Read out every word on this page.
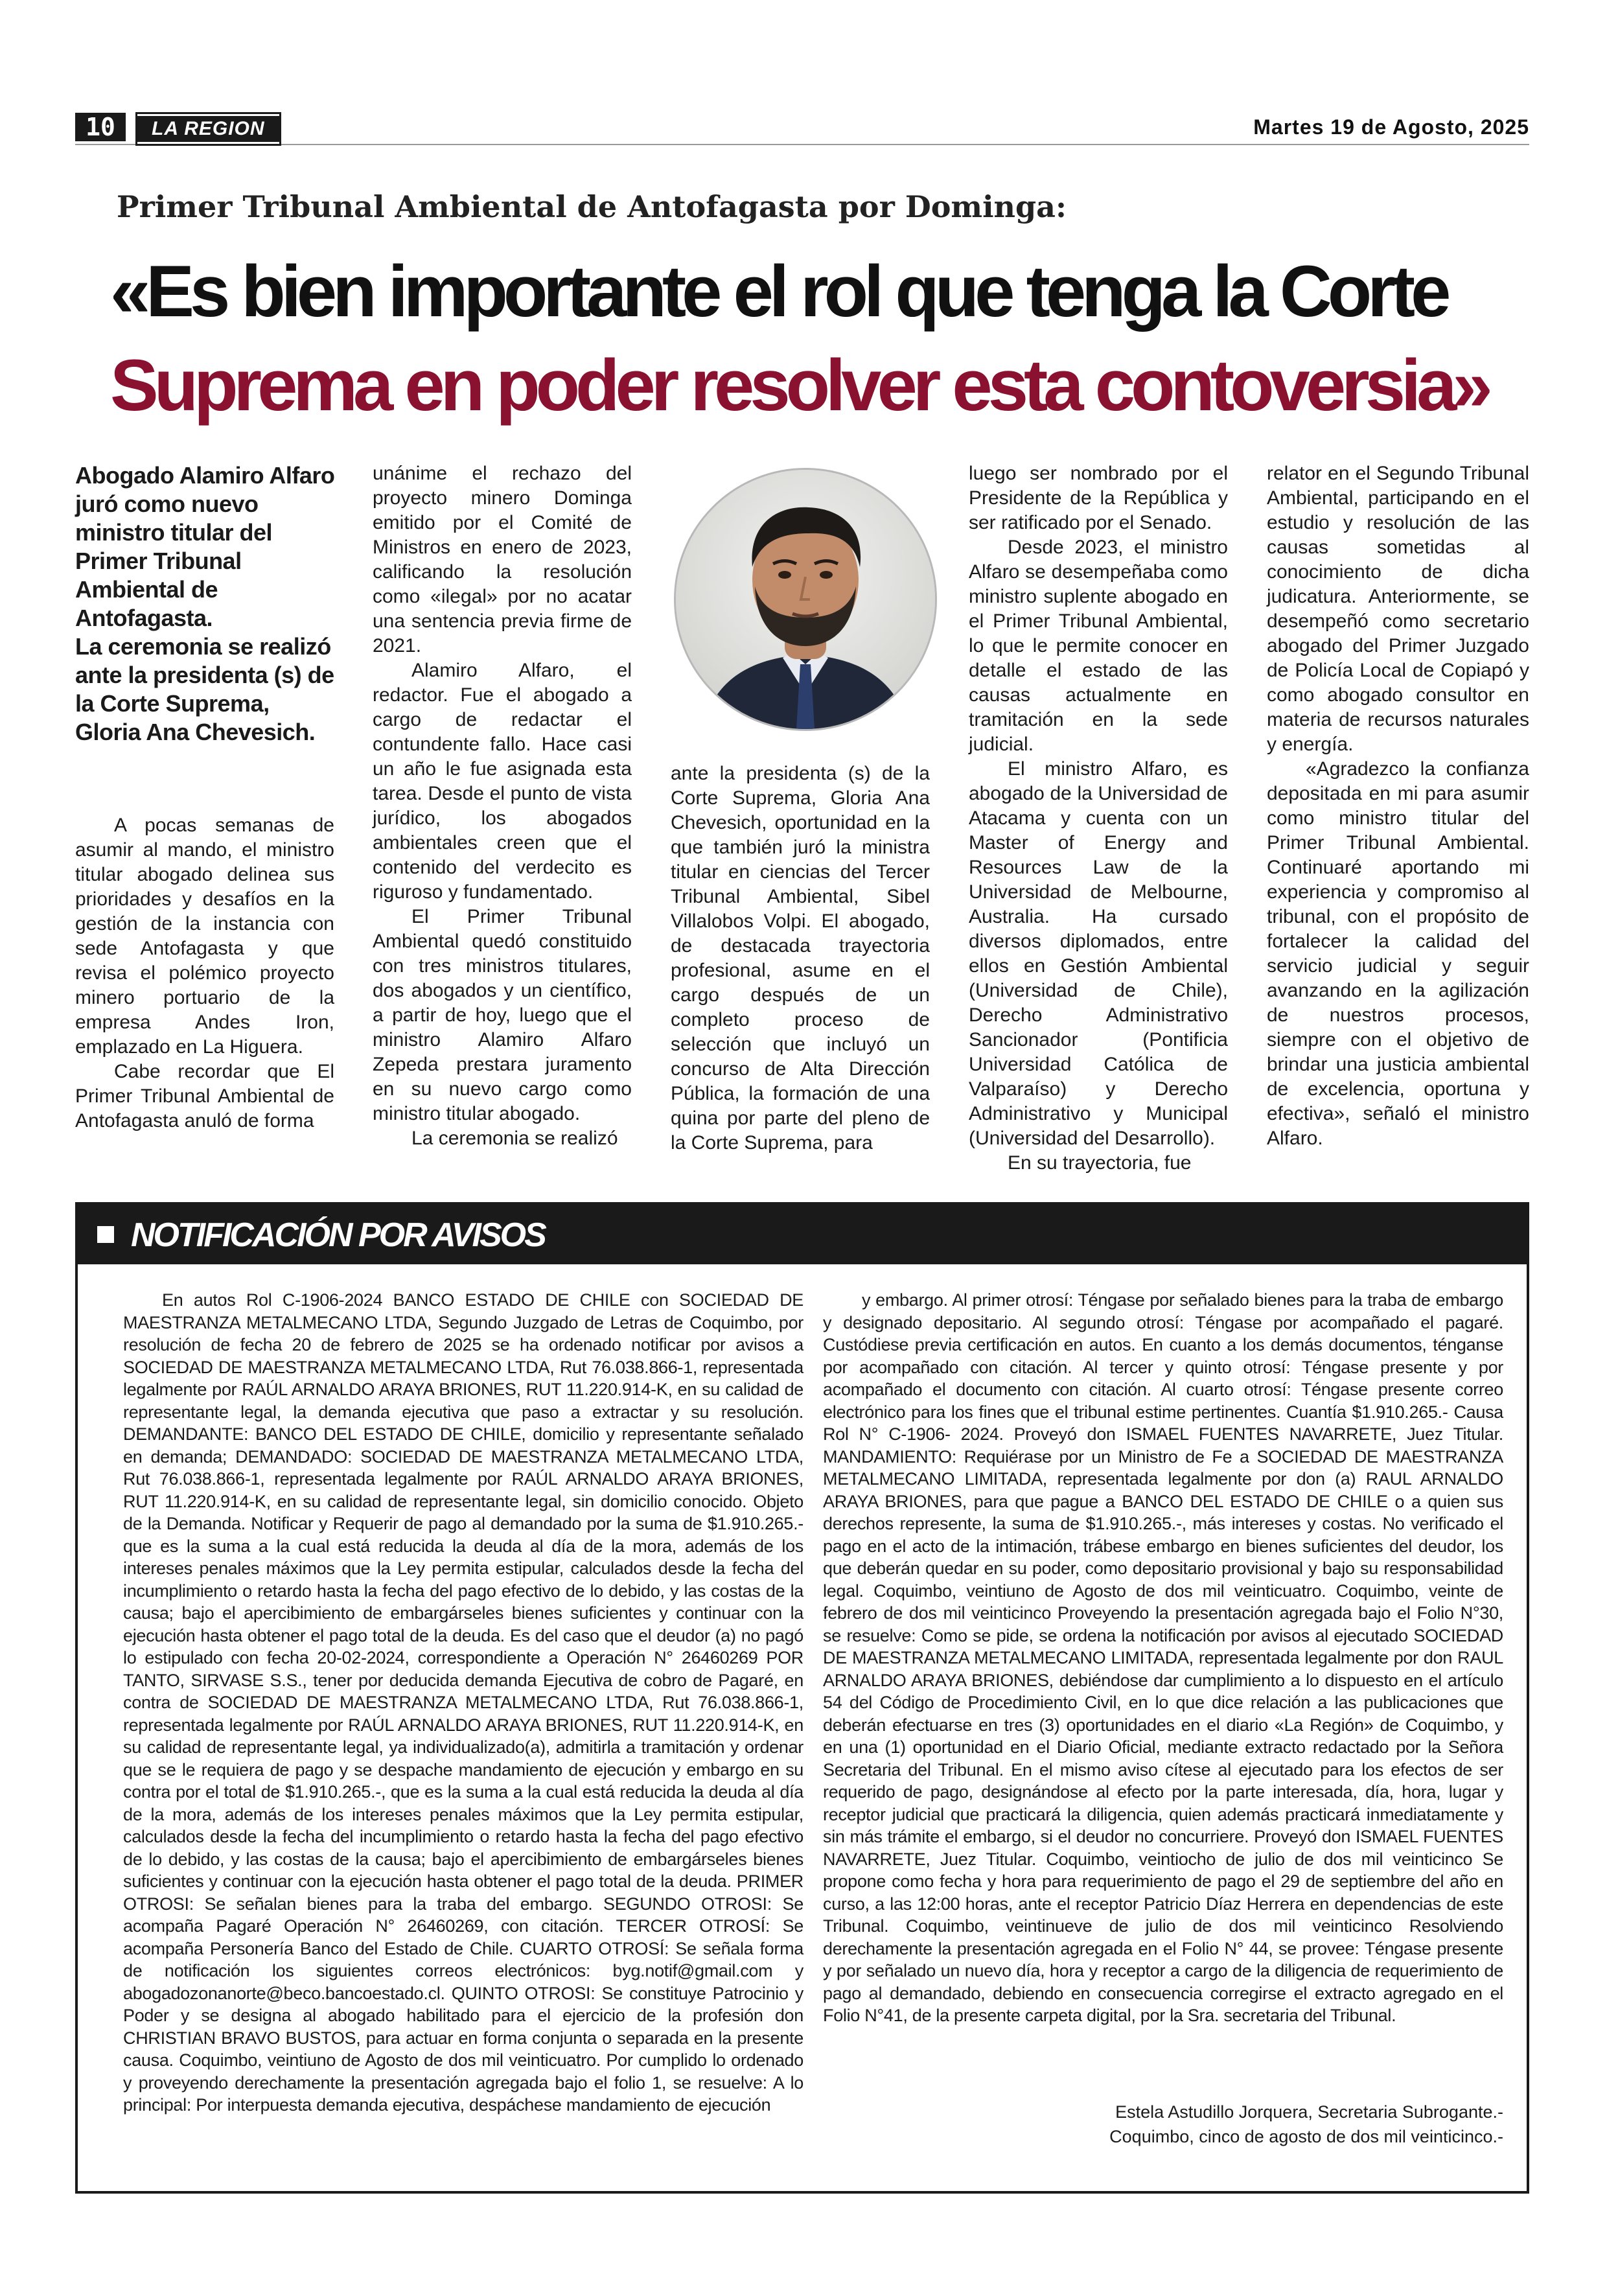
10	LA REGION	Martes 19 de Agosto, 2025
Primer Tribunal Ambiental de Antofagasta por Dominga:
«Es bien importante el rol que tenga la Corte
Suprema en poder resolver esta contoversia»

Abogado Alamiro Alfaro juró como nuevo ministro titular del Primer Tribunal Ambiental de Antofagasta.

La ceremonia se realizó ante la presidenta (s) de la Corte Suprema, Gloria Ana Chevesich.

A pocas semanas de asumir al mando, el ministro titular abogado delinea sus prioridades y desafíos en la gestión de la instancia con sede Antofagasta y que revisa el polémico proyecto minero portuario de la empresa Andes Iron, emplazado en La Higuera.

Cabe recordar que El Primer Tribunal Ambiental de Antofagasta anuló de forma

unánime el rechazo del proyecto minero Dominga emitido por el Comité de Ministros en enero de 2023, calificando la resolución como «ilegal» por no acatar una sentencia previa firme de 2021.

Alamiro Alfaro, el redactor. Fue el abogado a cargo de redactar el contundente fallo. Hace casi un año le fue asignada esta tarea. Desde el punto de vista jurídico, los abogados ambientales creen que el contenido del verdecito es riguroso y fundamentado.

El Primer Tribunal Ambiental quedó constituido con tres ministros titulares, dos abogados y un científico, a partir de hoy, luego que el ministro Alamiro Alfaro Zepeda prestara juramento en su nuevo cargo como ministro titular abogado.

La ceremonia se realizó

ante la presidenta (s) de la Corte Suprema, Gloria Ana Chevesich, oportunidad en la que también juró la ministra titular en ciencias del Tercer Tribunal Ambiental, Sibel Villalobos Volpi. El abogado, de destacada trayectoria profesional, asume en el cargo después de un completo proceso de selección que incluyó un concurso de Alta Dirección Pública, la formación de una quina por parte del pleno de la Corte Suprema, para

luego ser nombrado por el Presidente de la República y ser ratificado por el Senado.

Desde 2023, el ministro Alfaro se desempeñaba como ministro suplente abogado en el Primer Tribunal Ambiental, lo que le permite conocer en detalle el estado de las causas actualmente en tramitación en la sede judicial.

El ministro Alfaro, es abogado de la Universidad de Atacama y cuenta con un Master of Energy and Resources Law de la Universidad de Melbourne, Australia. Ha cursado diversos diplomados, entre ellos en Gestión Ambiental (Universidad de Chile), Derecho Administrativo Sancionador (Pontificia Universidad Católica de Valparaíso) y Derecho Administrativo y Municipal (Universidad del Desarrollo).

En su trayectoria, fue

relator en el Segundo Tribunal Ambiental, participando en el estudio y resolución de las causas sometidas al conocimiento de dicha judicatura. Anteriormente, se desempeñó como secretario abogado del Primer Juzgado de Policía Local de Copiapó y como abogado consultor en materia de recursos naturales y energía.

«Agradezco la confianza depositada en mi para asumir como ministro titular del Primer Tribunal Ambiental. Continuaré aportando mi experiencia y compromiso al tribunal, con el propósito de fortalecer la calidad del servicio judicial y seguir avanzando en la agilización de nuestros procesos, siempre con el objetivo de brindar una justicia ambiental de excelencia, oportuna y efectiva», señaló el ministro Alfaro.

NOTIFICACIÓN POR AVISOS

En autos Rol C-1906-2024 BANCO ESTADO DE CHILE con SOCIEDAD DE MAESTRANZA METALMECANO LTDA, Segundo Juzgado de Letras de Coquimbo, por resolución de fecha 20 de febrero de 2025 se ha ordenado notificar por avisos a SOCIEDAD DE MAESTRANZA METALMECANO LTDA, Rut 76.038.866-1, representada legalmente por RAÚL ARNALDO ARAYA BRIONES, RUT 11.220.914-K, en su calidad de representante legal, la demanda ejecutiva que paso a extractar y su resolución. DEMANDANTE: BANCO DEL ESTADO DE CHILE, domicilio y representante señalado en demanda; DEMANDADO: SOCIEDAD DE MAESTRANZA METALMECANO LTDA, Rut 76.038.866-1, representada legalmente por RAÚL ARNALDO ARAYA BRIONES, RUT 11.220.914-K, en su calidad de representante legal, sin domicilio conocido. Objeto de la Demanda. Notificar y Requerir de pago al demandado por la suma de $1.910.265.- que es la suma a la cual está reducida la deuda al día de la mora, además de los intereses penales máximos que la Ley permita estipular, calculados desde la fecha del incumplimiento o retardo hasta la fecha del pago efectivo de lo debido, y las costas de la causa; bajo el apercibimiento de embargárseles bienes suficientes y continuar con la ejecución hasta obtener el pago total de la deuda. Es del caso que el deudor (a) no pagó lo estipulado con fecha 20-02-2024, correspondiente a Operación N° 26460269 POR TANTO, SIRVASE S.S., tener por deducida demanda Ejecutiva de cobro de Pagaré, en contra de SOCIEDAD DE MAESTRANZA METALMECANO LTDA, Rut 76.038.866-1, representada legalmente por RAÚL ARNALDO ARAYA BRIONES, RUT 11.220.914-K, en su calidad de representante legal, ya individualizado(a), admitirla a tramitación y ordenar que se le requiera de pago y se despache mandamiento de ejecución y embargo en su contra por el total de $1.910.265.-, que es la suma a la cual está reducida la deuda al día de la mora, además de los intereses penales máximos que la Ley permita estipular, calculados desde la fecha del incumplimiento o retardo hasta la fecha del pago efectivo de lo debido, y las costas de la causa; bajo el apercibimiento de embargárseles bienes suficientes y continuar con la ejecución hasta obtener el pago total de la deuda. PRIMER OTROSI: Se señalan bienes para la traba del embargo. SEGUNDO OTROSI: Se acompaña Pagaré Operación N° 26460269, con citación. TERCER OTROSÍ: Se acompaña Personería Banco del Estado de Chile. CUARTO OTROSÍ: Se señala forma de notificación los siguientes correos electrónicos: byg.notif@gmail.com y abogadozonanorte@beco.bancoestado.cl. QUINTO OTROSI: Se constituye Patrocinio y Poder y se designa al abogado habilitado para el ejercicio de la profesión don CHRISTIAN BRAVO BUSTOS, para actuar en forma conjunta o separada en la presente causa. Coquimbo, veintiuno de Agosto de dos mil veinticuatro. Por cumplido lo ordenado y proveyendo derechamente la presentación agregada bajo el folio 1, se resuelve: A lo principal: Por interpuesta demanda ejecutiva, despáchese mandamiento de ejecución

y embargo. Al primer otrosí: Téngase por señalado bienes para la traba de embargo y designado depositario. Al segundo otrosí: Téngase por acompañado el pagaré. Custódiese previa certificación en autos. En cuanto a los demás documentos, ténganse por acompañado con citación. Al tercer y quinto otrosí: Téngase presente y por acompañado el documento con citación. Al cuarto otrosí: Téngase presente correo electrónico para los fines que el tribunal estime pertinentes. Cuantía $1.910.265.- Causa Rol N° C-1906- 2024. Proveyó don ISMAEL FUENTES NAVARRETE, Juez Titular. MANDAMIENTO: Requiérase por un Ministro de Fe a SOCIEDAD DE MAESTRANZA METALMECANO LIMITADA, representada legalmente por don (a) RAUL ARNALDO ARAYA BRIONES, para que pague a BANCO DEL ESTADO DE CHILE o a quien sus derechos represente, la suma de $1.910.265.-, más intereses y costas. No verificado el pago en el acto de la intimación, trábese embargo en bienes suficientes del deudor, los que deberán quedar en su poder, como depositario provisional y bajo su responsabilidad legal. Coquimbo, veintiuno de Agosto de dos mil veinticuatro. Coquimbo, veinte de febrero de dos mil veinticinco Proveyendo la presentación agregada bajo el Folio N°30, se resuelve: Como se pide, se ordena la notificación por avisos al ejecutado SOCIEDAD DE MAESTRANZA METALMECANO LIMITADA, representada legalmente por don RAUL ARNALDO ARAYA BRIONES, debiéndose dar cumplimiento a lo dispuesto en el artículo 54 del Código de Procedimiento Civil, en lo que dice relación a las publicaciones que deberán efectuarse en tres (3) oportunidades en el diario «La Región» de Coquimbo, y en una (1) oportunidad en el Diario Oficial, mediante extracto redactado por la Señora Secretaria del Tribunal. En el mismo aviso cítese al ejecutado para los efectos de ser requerido de pago, designándose al efecto por la parte interesada, día, hora, lugar y receptor judicial que practicará la diligencia, quien además practicará inmediatamente y sin más trámite el embargo, si el deudor no concurriere. Proveyó don ISMAEL FUENTES NAVARRETE, Juez Titular. Coquimbo, veintiocho de julio de dos mil veinticinco Se propone como fecha y hora para requerimiento de pago el 29 de septiembre del año en curso, a las 12:00 horas, ante el receptor Patricio Díaz Herrera en dependencias de este Tribunal. Coquimbo, veintinueve de julio de dos mil veinticinco Resolviendo derechamente la presentación agregada en el Folio N° 44, se provee: Téngase presente y por señalado un nuevo día, hora y receptor a cargo de la diligencia de requerimiento de pago al demandado, debiendo en consecuencia corregirse el extracto agregado en el Folio N°41, de la presente carpeta digital, por la Sra. secretaria del Tribunal.

Estela Astudillo Jorquera, Secretaria Subrogante.-
Coquimbo, cinco de agosto de dos mil veinticinco.-
